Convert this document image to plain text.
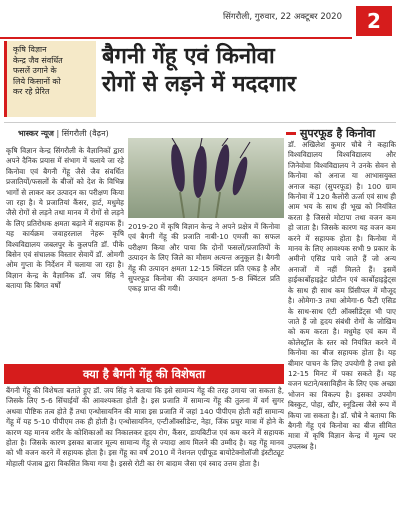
सिंगरौली, गुरुवार, 22 अक्टूबर 2020	2
कृषि विज्ञान
केन्द्र जैव संवर्धित
फसलें उगाने के
लिये किसानों को
कर रहे प्रेरित
बैगनी गेंहू एवं किनोवा
रोगों से लड़ने में मददगार
भास्कर न्यूज | सिंगरौली (वैढ़न)	सुपरफूड है किनोवा
कृषि विज्ञान केन्द्र सिंगरौली के वैज्ञानिकों द्वारा अपने दैनिक प्रयास में संभाग में चलाये जा रहे किनोवा एवं बैगनी गेंहू जैसे जैव संवर्धित प्रजातियों/फसलों के बीजों को देश के विभिन्न भागों से लाकर कर उत्पादन का परीक्षण किया जा रहा है। ये प्रजातियां कैंसर, हार्ट, मधुमेह जैसे रोगों से लड़ने तथा मानव में रोगों से लड़ने के लिए प्रतिरोधक क्षमता बढ़ाने में सहायक हैं। यह कार्यक्रम जवाहरलाल नेहरू कृषि विश्वविद्यालय जबलपुर के कुलपति डॉ. पीके बिसेन एवं संचालक विस्तार सेवायें डॉ. ओमगी ओम गुप्ता के निर्देशन में चलाया जा रहा है। विज्ञान केन्द्र के वैज्ञानिक डॉ. जय सिंह ने बताया कि बिगत वर्षों
2019-20 में कृषि विज्ञान केन्द्र ने अपने प्रक्षेत्र में किनोवा एवं बैगनी गेंहू की प्रजाति नाबी-10 एमजी का सफल परीक्षण किया और पाया कि दोनों फसलों/प्रजातियों के उत्पादन के लिए जिले का मौसम अत्यन्त अनुकूल है। बैगनी गेंहू की उत्पादन क्षमता 12-15 क्विंटल प्रति एकड़ है और सुपरफूड किनोवा की उत्पादन क्षमता 5-8 क्विंटल प्रति एकड़ प्राप्त की गयी।
डॉ. अखिलेश कुमार चौबे ने कहाकि विश्वविद्यालय विश्वविद्यालय और जिनेवोवा विश्वविद्यालय ने उनके सेवन से किनोवा को अनाज या आभासयुक्त अनाज कहा (सुपरफूड) है। 100 ग्राम किनोवा में 120 कैलोरी ऊर्जा एवं साथ ही आम भय के साथ ही भूख को नियंत्रित करता है जिससे मोटापा तथा वजन कम हो जाता है। जिसके कारण यह वजन कम करने में सहायक होता है। किनोवा में मानव के लिए आवश्यक सभी 9 प्रकार के अमीनो एसिड पाये जाते हैं जो अन्य अनाजों में नहीं मिलते हैं। इसमें हाईकार्बोहाइड्रेट प्रोटीन एवं कार्बोहाइड्रेट्स के साथ ही साथ कम प्रिंसीपल में मौजूद है। ओमेगा-3 तथा ओमेगा-6 फैटी एसिड के साथ-साथ एंटी ऑक्सीडेंट्स भी पाए जाते हैं जो हृदय संबंधी रोगों के जोखिम को कम करता है। मधुमेह एवं कम में कोलेस्ट्रॉल के स्तर को नियंत्रित करने में किनोवा का बीज सहायक होता है। यह बीमार पाचन के लिए उपयोगी है तथा इसे 12-15 मिनट में पका सकते हैं। यह वजन घटाने/वसाविहीन के लिए एक अच्छा भोजन का विकल्प है। इसका उपयोग बिस्कुट, पोहा, खीर, स्नूडिल्स जैसे रूप में किया जा सकता है। डॉ. चौबे ने बताया कि बैगनी गेंहू एवं किनोवा का बीज सीमित मात्रा में कृषि विज्ञान केन्द्र में मूल्य पर उपलब्ध है।
क्या है बैगनी गेंहू की विशेषता
बैंगनी गेंहू की विशेषता बताते हुए डॉ. जय सिंह ने बताया कि इसे सामान्य गेंहू की तरह उगाया जा सकता है, जिसके लिए 5-6 सिंचाईयों की आवश्यकता होती है। इस प्रजाति में सामान्य गेंहू की तुलना में वर्ग सुगर अथवा पौष्टिक तत्व होते हैं तथा एन्थोसायनिन की मात्रा इस प्रजाति में जहां 140 पीपीएम होती वहीं सामान्य गेंहू में यह 5-10 पीपीएम तक ही होती है। एन्थोसायनिन, एन्टीऑक्सीडेन्ट, नेहा, जिंक प्रचुर मात्रा में होने के कारण यह मानव शरीर के कोशिकाओं का निकालकर हृदय रोग, कैंसर, डायबिटीज एवं कम करने में सहायक होता है। जिसके कारण इसका बाजार मूल्य सामान्य गेंहू से ज्यादा आय मिलने की उम्मीद है। यह गेंहू मानव को भी वजन करने में सहायक होता है। इस गेंहू का वर्ष 2010 में नेशनल एग्रीफूड बायोटेक्नोलॉजी इंस्टीट्यूट मोहाली पंजाब द्वारा विकसित किया गया है। इससे रोटी का रंग बादाम जैसा एवं स्वाद उत्तम होता है।
